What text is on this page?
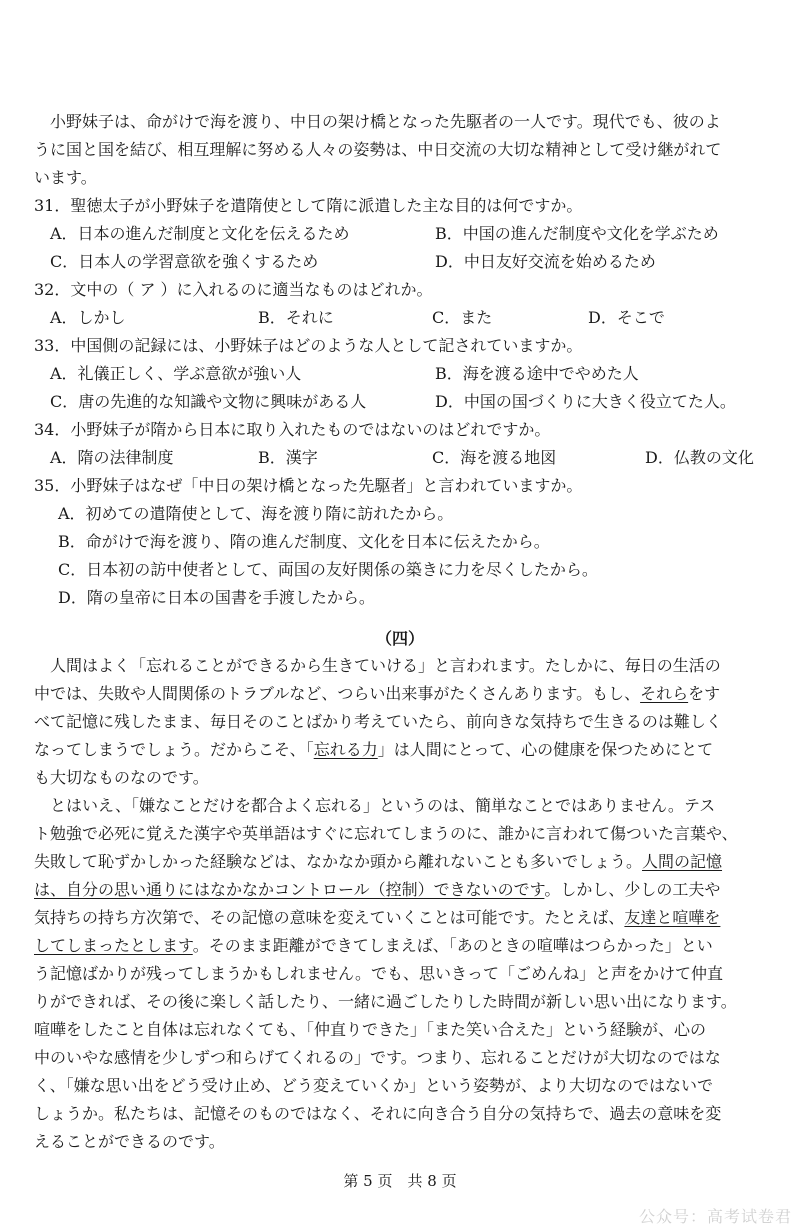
　小野妹子は、命がけで海を渡り、中日の架け橋となった先駆者の一人です。現代でも、彼のよ
うに国と国を結び、相互理解に努める人々の姿勢は、中日交流の大切な精神として受け継がれて
います。
31．聖徳太子が小野妹子を遣隋使として隋に派遣した主な目的は何ですか。
A．日本の進んだ制度と文化を伝えるため	B．中国の進んだ制度や文化を学ぶため
C．日本人の学習意欲を強くするため	D．中日友好交流を始めるため
32．文中の（ ア ）に入れるのに適当なものはどれか。
A．しかし	B．それに	C．また	D．そこで
33．中国側の記録には、小野妹子はどのような人として記されていますか。
A．礼儀正しく、学ぶ意欲が強い人	B．海を渡る途中でやめた人
C．唐の先進的な知識や文物に興味がある人	D．中国の国づくりに大きく役立てた人。
34．小野妹子が隋から日本に取り入れたものではないのはどれですか。
A．隋の法律制度	B．漢字	C．海を渡る地図	D．仏教の文化
35．小野妹子はなぜ「中日の架け橋となった先駆者」と言われていますか。
A．初めての遣隋使として、海を渡り隋に訪れたから。
B．命がけで海を渡り、隋の進んだ制度、文化を日本に伝えたから。
C．日本初の訪中使者として、両国の友好関係の築きに力を尽くしたから。
D．隋の皇帝に日本の国書を手渡したから。
（四）
　人間はよく「忘れることができるから生きていける」と言われます。たしかに、毎日の生活の
中では、失敗や人間関係のトラブルなど、つらい出来事がたくさんあります。もし、それらをす
べて記憶に残したまま、毎日そのことばかり考えていたら、前向きな気持ちで生きるのは難しく
なってしまうでしょう。だからこそ、「忘れる力」は人間にとって、心の健康を保つためにとて
も大切なものなのです。
　とはいえ、「嫌なことだけを都合よく忘れる」というのは、簡単なことではありません。テス
ト勉強で必死に覚えた漢字や英単語はすぐに忘れてしまうのに、誰かに言われて傷ついた言葉や、
失敗して恥ずかしかった経験などは、なかなか頭から離れないことも多いでしょう。人間の記憶
は、自分の思い通りにはなかなかコントロール（控制）できないのです。しかし、少しの工夫や
気持ちの持ち方次第で、その記憶の意味を変えていくことは可能です。たとえば、友達と喧嘩を
してしまったとします。そのまま距離ができてしまえば、「あのときの喧嘩はつらかった」とい
う記憶ばかりが残ってしまうかもしれません。でも、思いきって「ごめんね」と声をかけて仲直
りができれば、その後に楽しく話したり、一緒に過ごしたりした時間が新しい思い出になります。
喧嘩をしたこと自体は忘れなくても、「仲直りできた」「また笑い合えた」という経験が、心の
中のいやな感情を少しずつ和らげてくれるの」です。つまり、忘れることだけが大切なのではな
く、「嫌な思い出をどう受け止め、どう変えていくか」という姿勢が、より大切なのではないで
しょうか。私たちは、記憶そのものではなく、それに向き合う自分の気持ちで、過去の意味を変
えることができるのです。
第 5 页　共 8 页
公众号：高考试卷君
